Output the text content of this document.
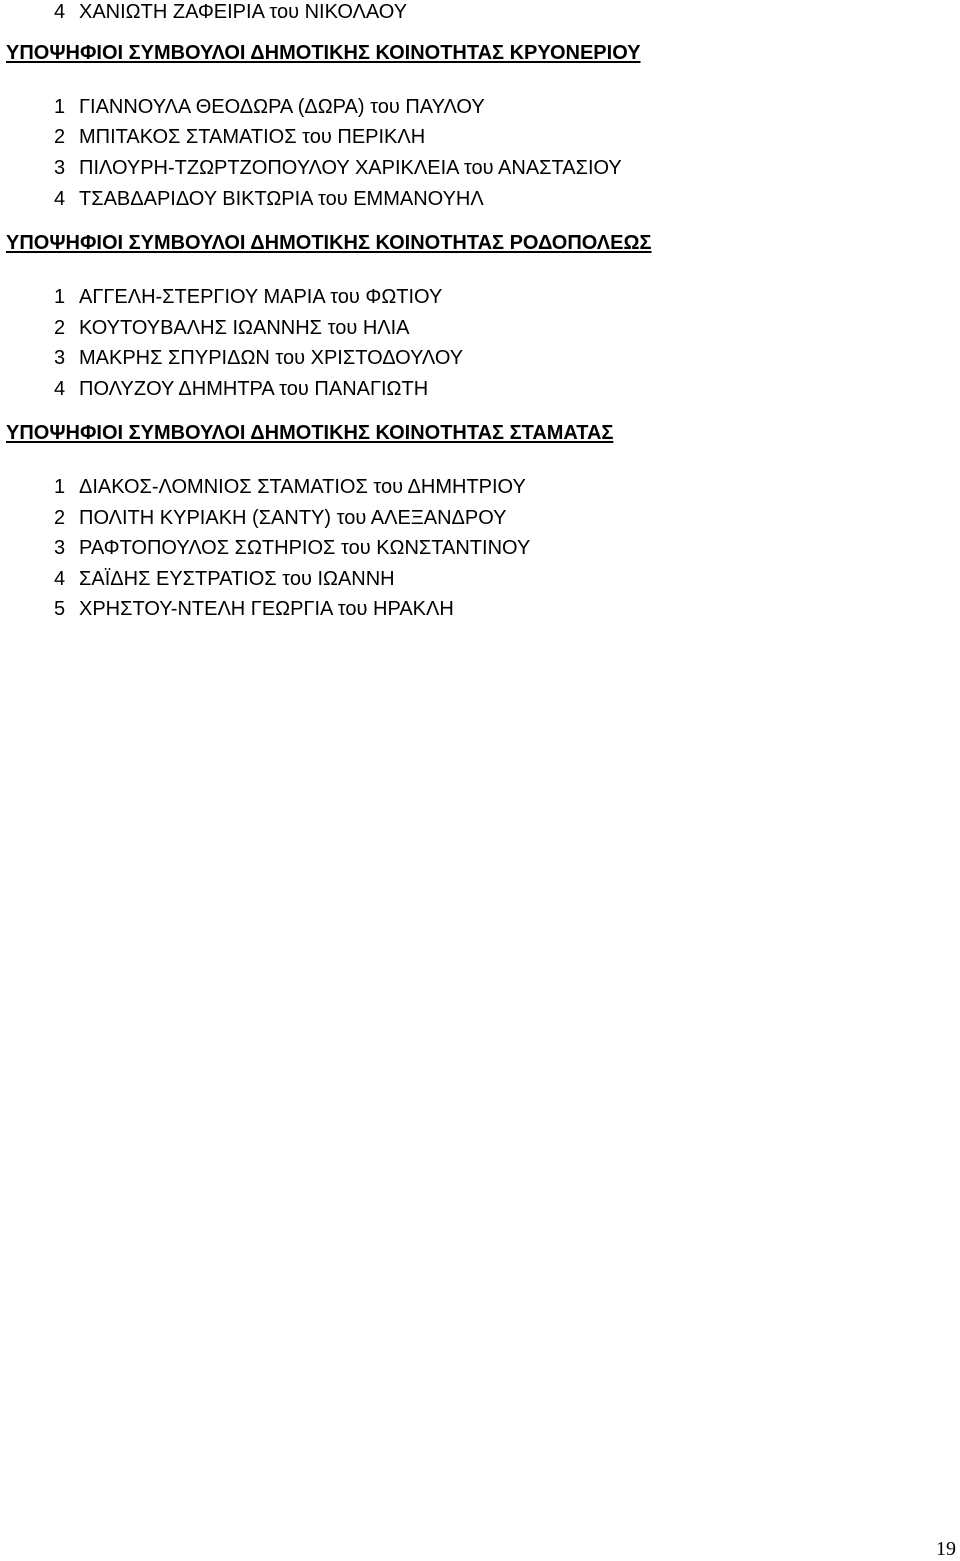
4 ΧΑΝΙΩΤΗ ΖΑΦΕΙΡΙΑ του ΝΙΚΟΛΑΟΥ
ΥΠΟΨΗΦΙΟΙ ΣΥΜΒΟΥΛΟΙ ΔΗΜΟΤΙΚΗΣ ΚΟΙΝΟΤΗΤΑΣ ΚΡΥΟΝΕΡΙΟΥ
1 ΓΙΑΝΝΟΥΛΑ ΘΕΟΔΩΡΑ (ΔΩΡΑ) του ΠΑΥΛΟΥ
2 ΜΠΙΤΑΚΟΣ ΣΤΑΜΑΤΙΟΣ του ΠΕΡΙΚΛΗ
3 ΠΙΛΟΥΡΗ-ΤΖΩΡΤΖΟΠΟΥΛΟΥ ΧΑΡΙΚΛΕΙΑ του ΑΝΑΣΤΑΣΙΟΥ
4 ΤΣΑΒΔΑΡΙΔΟΥ ΒΙΚΤΩΡΙΑ του ΕΜΜΑΝΟΥΗΛ
ΥΠΟΨΗΦΙΟΙ ΣΥΜΒΟΥΛΟΙ ΔΗΜΟΤΙΚΗΣ ΚΟΙΝΟΤΗΤΑΣ ΡΟΔΟΠΟΛΕΩΣ
1 ΑΓΓΕΛΗ-ΣΤΕΡΓΙΟΥ ΜΑΡΙΑ του ΦΩΤΙΟΥ
2 ΚΟΥΤΟΥΒΑΛΗΣ ΙΩΑΝΝΗΣ του ΗΛΙΑ
3 ΜΑΚΡΗΣ ΣΠΥΡΙΔΩΝ του ΧΡΙΣΤΟΔΟΥΛΟΥ
4 ΠΟΛΥΖΟΥ ΔΗΜΗΤΡΑ του ΠΑΝΑΓΙΩΤΗ
ΥΠΟΨΗΦΙΟΙ ΣΥΜΒΟΥΛΟΙ ΔΗΜΟΤΙΚΗΣ ΚΟΙΝΟΤΗΤΑΣ ΣΤΑΜΑΤΑΣ
1 ΔΙΑΚΟΣ-ΛΟΜΝΙΟΣ ΣΤΑΜΑΤΙΟΣ του ΔΗΜΗΤΡΙΟΥ
2 ΠΟΛΙΤΗ ΚΥΡΙΑΚΗ (ΣΑΝΤΥ) του ΑΛΕΞΑΝΔΡΟΥ
3 ΡΑΦΤΟΠΟΥΛΟΣ ΣΩΤΗΡΙΟΣ του ΚΩΝΣΤΑΝΤΙΝΟΥ
4 ΣΑΪΔΗΣ ΕΥΣΤΡΑΤΙΟΣ του ΙΩΑΝΝΗ
5 ΧΡΗΣΤΟΥ-ΝΤΕΛΗ ΓΕΩΡΓΙΑ του ΗΡΑΚΛΗ
19
